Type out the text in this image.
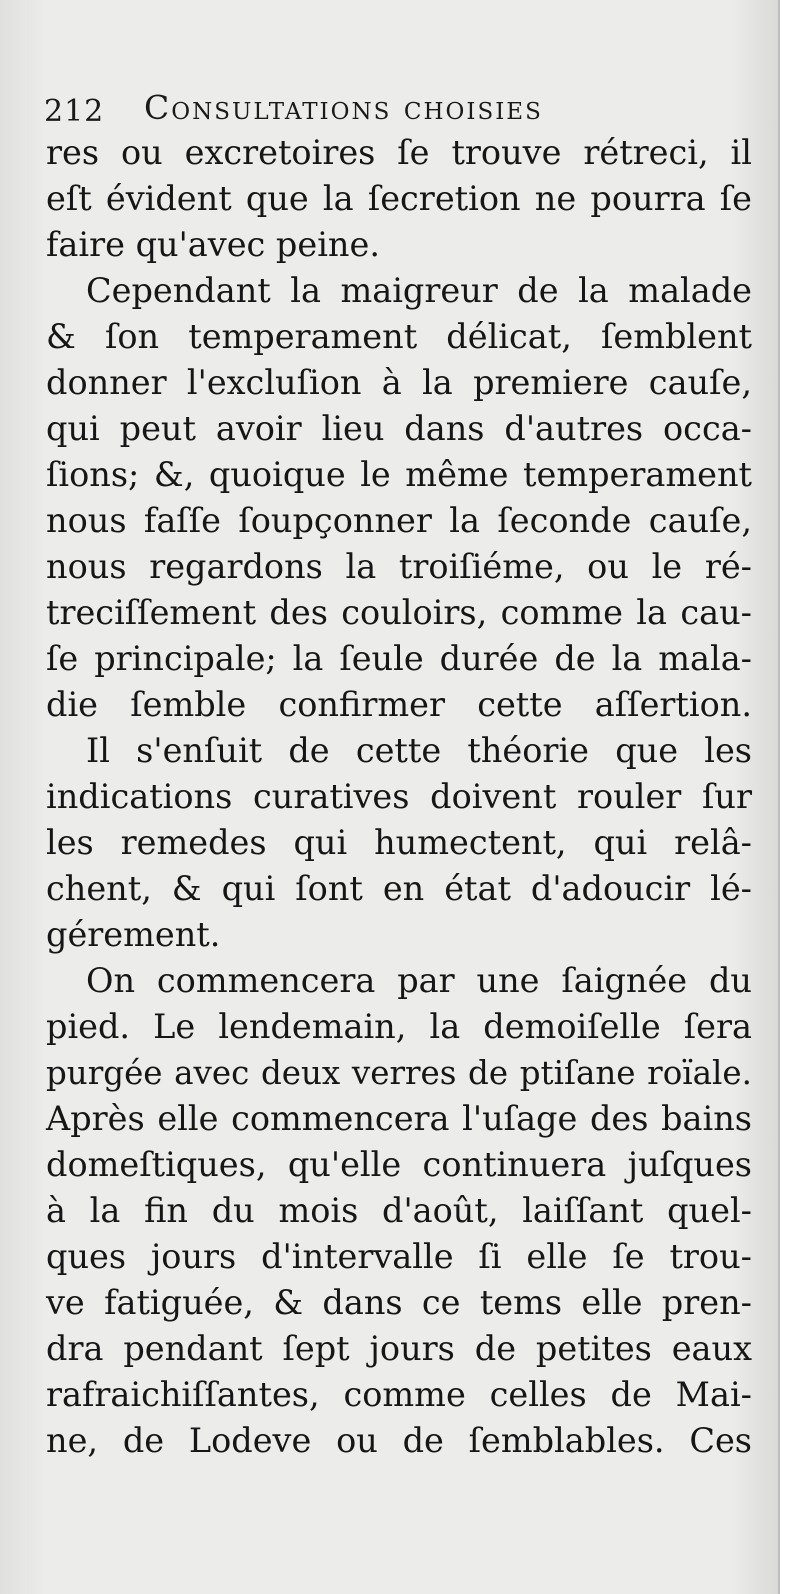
212 Consultations choisies
res ou excretoires ſe trouve rétreci, il
eſt évident que la ſecretion ne pourra ſe
faire qu'avec peine.
Cependant la maigreur de la malade
& ſon temperament délicat, ſemblent
donner l'excluſion à la premiere cauſe,
qui peut avoir lieu dans d'autres occa-
ſions; &, quoique le même temperament
nous faſſe ſoupçonner la ſeconde cauſe,
nous regardons la troiſiéme, ou le ré-
treciſſement des couloirs, comme la cau-
ſe principale; la ſeule durée de la mala-
die ſemble confirmer cette aſſertion.
Il s'enſuit de cette théorie que les
indications curatives doivent rouler ſur
les remedes qui humectent, qui relâ-
chent, & qui ſont en état d'adoucir lé-
gérement.
On commencera par une ſaignée du
pied. Le lendemain, la demoiſelle ſera
purgée avec deux verres de ptiſane roïale.
Après elle commencera l'uſage des bains
domeſtiques, qu'elle continuera juſques
à la fin du mois d'août, laiſſant quel-
ques jours d'intervalle ſi elle ſe trou-
ve fatiguée, & dans ce tems elle pren-
dra pendant ſept jours de petites eaux
rafraichiſſantes, comme celles de Mai-
ne, de Lodeve ou de ſemblables. Ces
